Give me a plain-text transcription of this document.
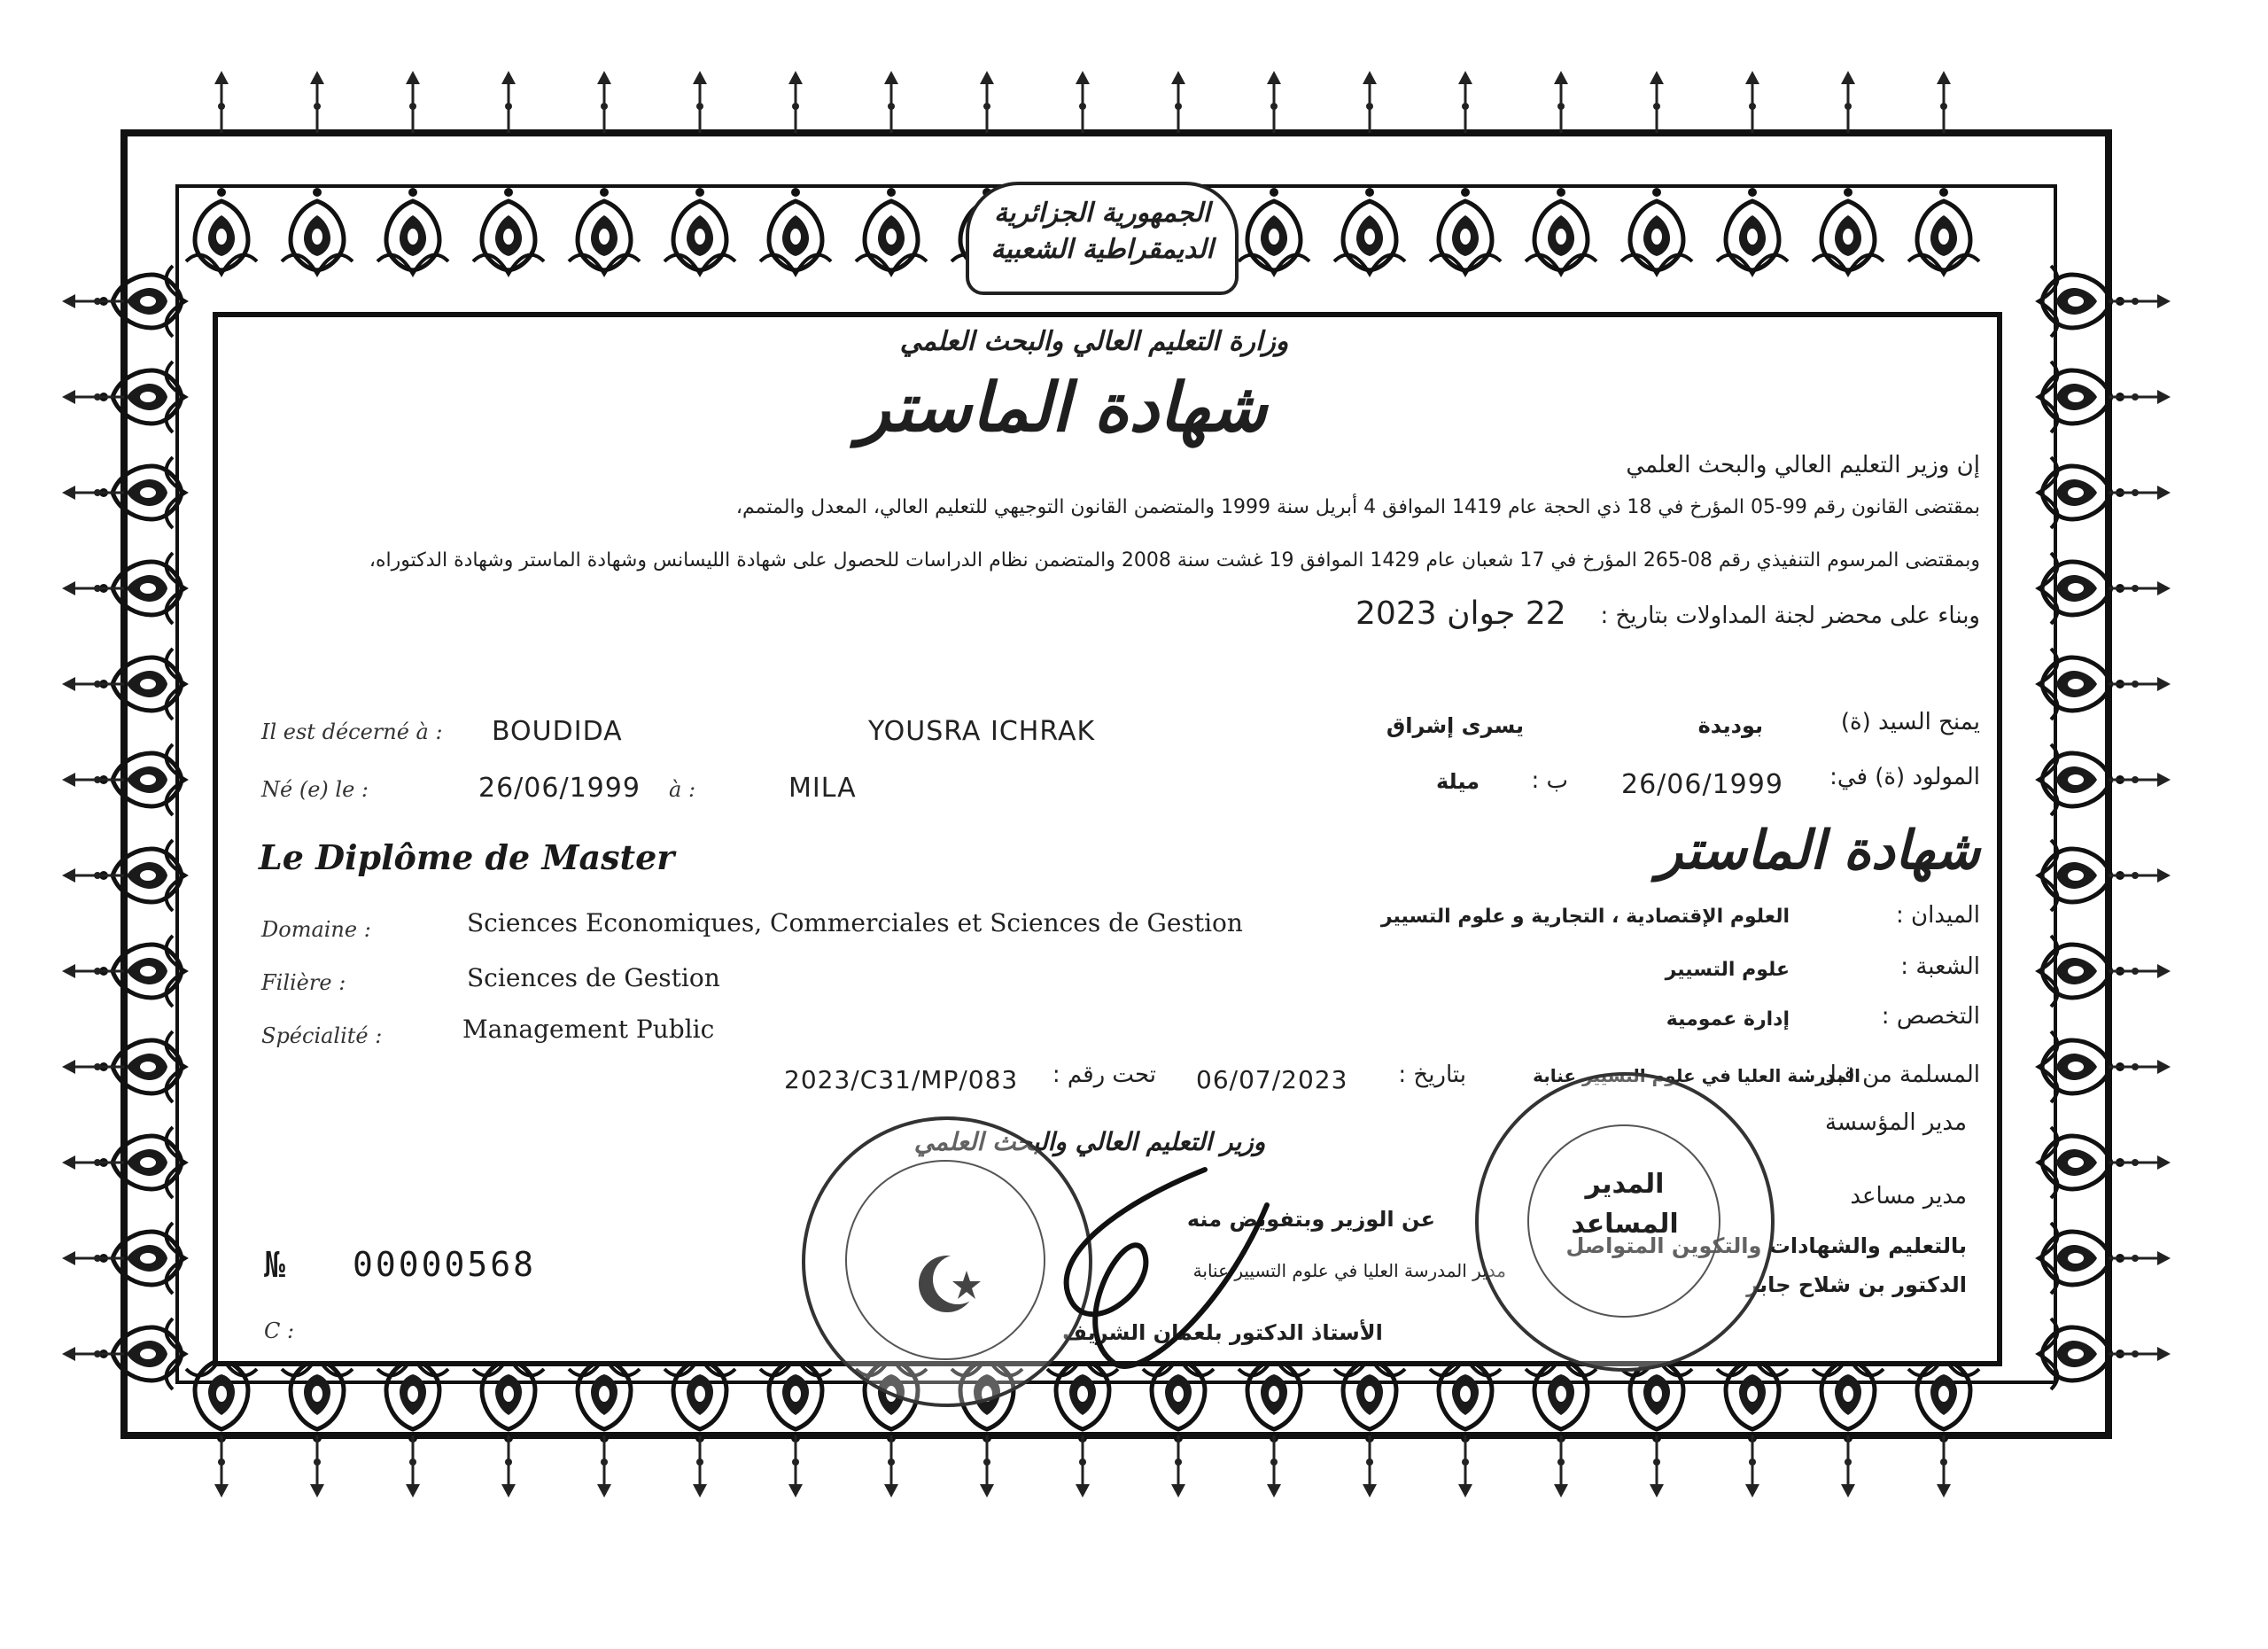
الجمهورية الجزائرية
الديمقراطية الشعبية
وزارة التعليم العالي والبحث العلمي
شهادة الماستر
إن وزير التعليم العالي والبحث العلمي
بمقتضى القانون رقم 99-05 المؤرخ في 18 ذي الحجة عام 1419 الموافق 4 أبريل سنة 1999 والمتضمن القانون التوجيهي للتعليم العالي، المعدل والمتمم،
وبمقتضى المرسوم التنفيذي رقم 08-265 المؤرخ في 17 شعبان عام 1429 الموافق 19 غشت سنة 2008 والمتضمن نظام الدراسات للحصول على شهادة الليسانس وشهادة الماستر وشهادة الدكتوراه،
وبناء على محضر لجنة المداولات بتاريخ :
22 جوان 2023
Il est décerné à : BOUDIDA	YOUSRA ICHRAK	يسرى إشراق	بوديدة	يمنح السيد (ة)
Né (e) le :	26/06/1999 à :	MILA	ميلة	ب : 26/06/1999	المولود (ة) في:
Le Diplôme de Master	شهادة الماستر
Domaine :	Sciences Economiques, Commerciales et Sciences de Gestion	العلوم الإقتصادية ، التجارية و علوم التسيير	الميدان :
Filière :	Sciences de Gestion	علوم التسيير	الشعبة :
Spécialité :	Management Public	إدارة عمومية	التخصص :
2023/C31/MP/083 تحت رقم : 06/07/2023	بتاريخ :	المدرسة العليا في علوم التسيير عنابة
المسلمة من قبل :
وزير التعليم العالي والبحث العلمي
مدير المؤسسة
مدير مساعد
عن الوزير وبتفويض منه
بالتعليم والشهادات والتكوين المتواصل
مدير المدرسة العليا في علوم التسيير عنابة
الدكتور بن شلاح جابر
الأستاذ الدكتور بلعمان الشريف
المدير
المساعد
№ 00000568
C :
